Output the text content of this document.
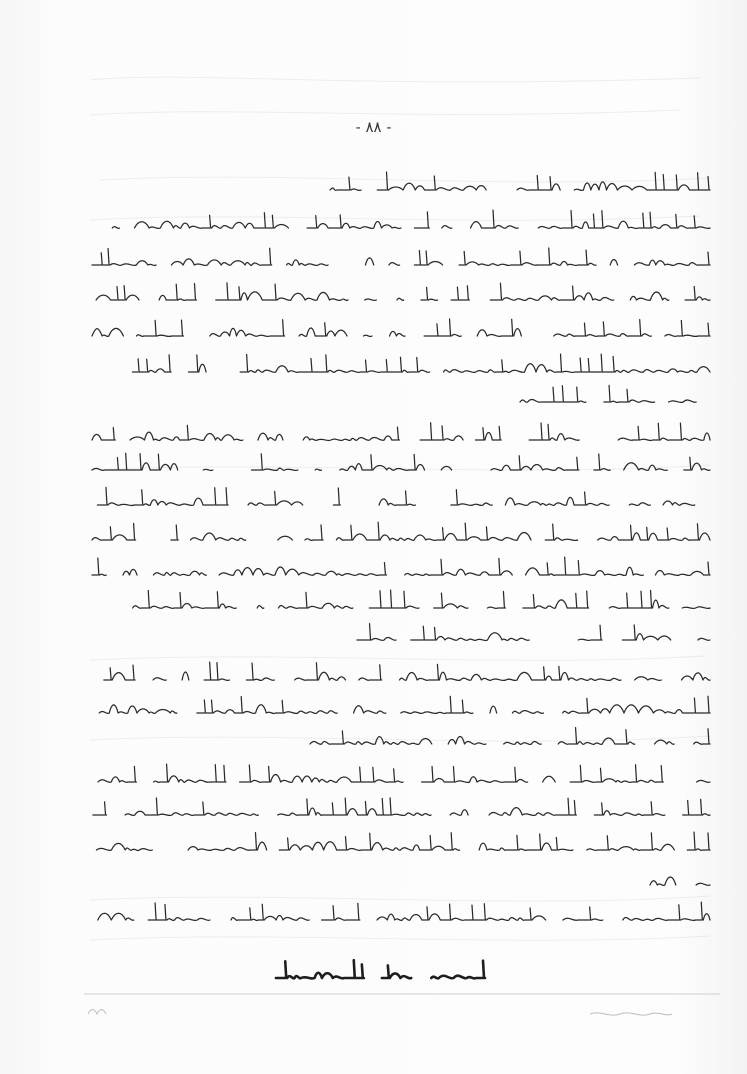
- ٨٨ -
